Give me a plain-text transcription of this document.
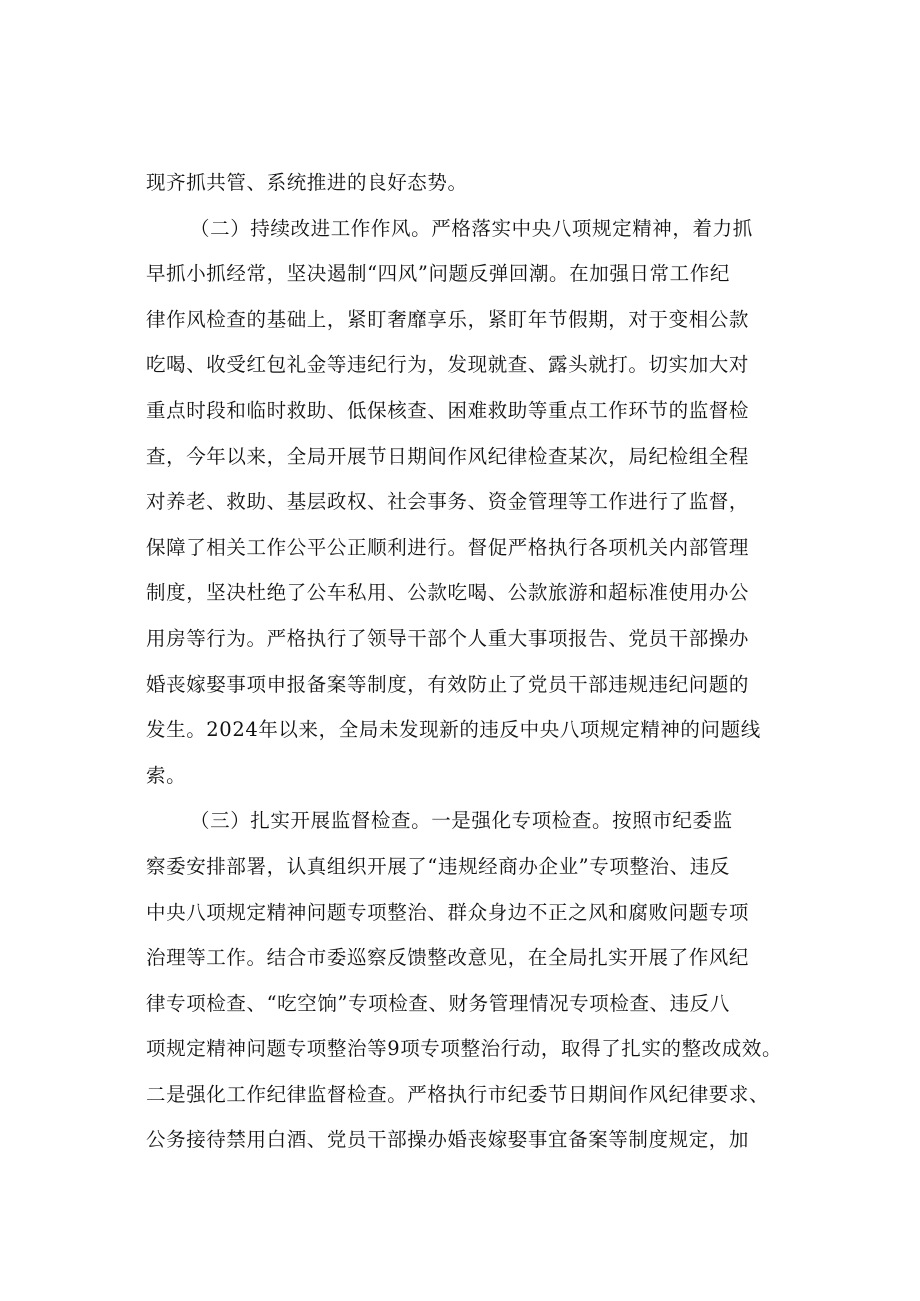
现齐抓共管、系统推进的良好态势。
（二）持续改进工作作风。严格落实中央八项规定精神，着力抓
早抓小抓经常，坚决遏制“四风”问题反弹回潮。在加强日常工作纪
律作风检查的基础上，紧盯奢靡享乐，紧盯年节假期，对于变相公款
吃喝、收受红包礼金等违纪行为，发现就查、露头就打。切实加大对
重点时段和临时救助、低保核查、困难救助等重点工作环节的监督检
查，今年以来，全局开展节日期间作风纪律检查某次，局纪检组全程
对养老、救助、基层政权、社会事务、资金管理等工作进行了监督，
保障了相关工作公平公正顺利进行。督促严格执行各项机关内部管理
制度，坚决杜绝了公车私用、公款吃喝、公款旅游和超标准使用办公
用房等行为。严格执行了领导干部个人重大事项报告、党员干部操办
婚丧嫁娶事项申报备案等制度，有效防止了党员干部违规违纪问题的
发生。2024年以来，全局未发现新的违反中央八项规定精神的问题线
索。
（三）扎实开展监督检查。一是强化专项检查。按照市纪委监
察委安排部署，认真组织开展了“违规经商办企业”专项整治、违反
中央八项规定精神问题专项整治、群众身边不正之风和腐败问题专项
治理等工作。结合市委巡察反馈整改意见，在全局扎实开展了作风纪
律专项检查、“吃空饷”专项检查、财务管理情况专项检查、违反八
项规定精神问题专项整治等9项专项整治行动，取得了扎实的整改成效。
二是强化工作纪律监督检查。严格执行市纪委节日期间作风纪律要求、
公务接待禁用白酒、党员干部操办婚丧嫁娶事宜备案等制度规定，加
